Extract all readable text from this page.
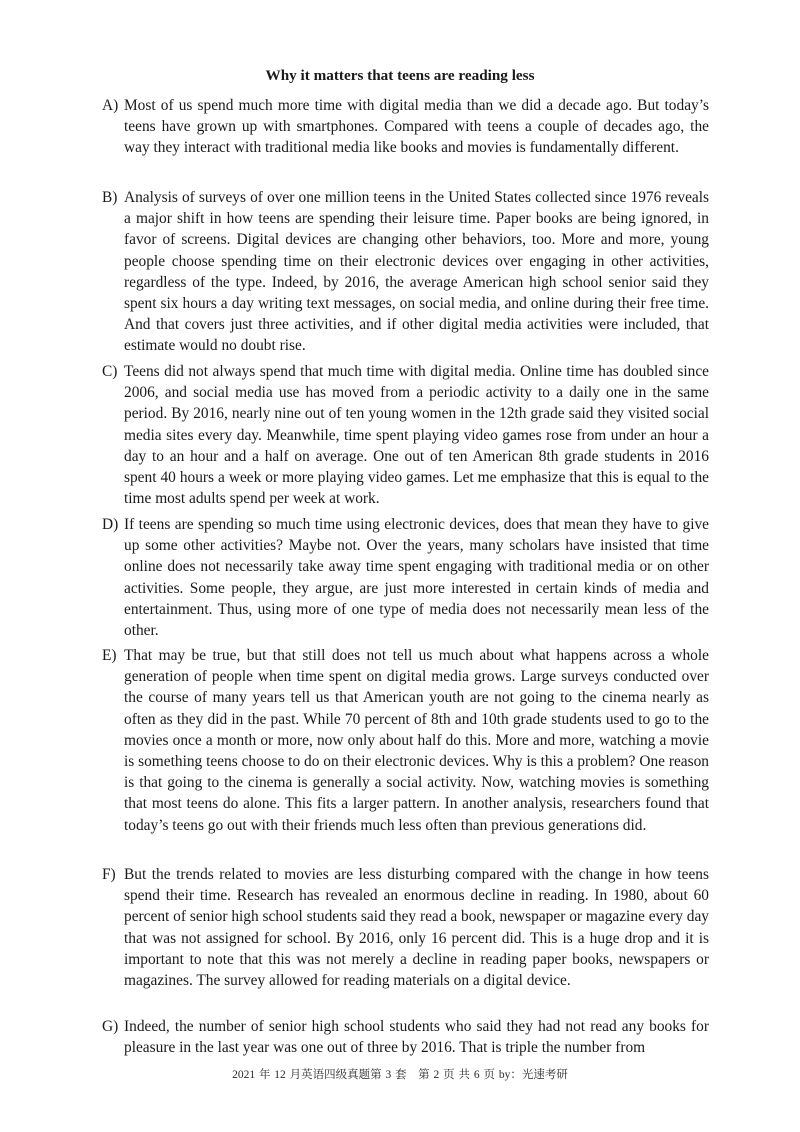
Why it matters that teens are reading less
A) Most of us spend much more time with digital media than we did a decade ago. But today’s teens have grown up with smartphones. Compared with teens a couple of decades ago, the way they interact with traditional media like books and movies is fundamentally different.
B) Analysis of surveys of over one million teens in the United States collected since 1976 reveals a major shift in how teens are spending their leisure time. Paper books are being ignored, in favor of screens. Digital devices are changing other behaviors, too. More and more, young people choose spending time on their electronic devices over engaging in other activities, regardless of the type. Indeed, by 2016, the average American high school senior said they spent six hours a day writing text messages, on social media, and online during their free time. And that covers just three activities, and if other digital media activities were included, that estimate would no doubt rise.
C) Teens did not always spend that much time with digital media. Online time has doubled since 2006, and social media use has moved from a periodic activity to a daily one in the same period. By 2016, nearly nine out of ten young women in the 12th grade said they visited social media sites every day. Meanwhile, time spent playing video games rose from under an hour a day to an hour and a half on average. One out of ten American 8th grade students in 2016 spent 40 hours a week or more playing video games. Let me emphasize that this is equal to the time most adults spend per week at work.
D) If teens are spending so much time using electronic devices, does that mean they have to give up some other activities? Maybe not. Over the years, many scholars have insisted that time online does not necessarily take away time spent engaging with traditional media or on other activities. Some people, they argue, are just more interested in certain kinds of media and entertainment. Thus, using more of one type of media does not necessarily mean less of the other.
E) That may be true, but that still does not tell us much about what happens across a whole generation of people when time spent on digital media grows. Large surveys conducted over the course of many years tell us that American youth are not going to the cinema nearly as often as they did in the past. While 70 percent of 8th and 10th grade students used to go to the movies once a month or more, now only about half do this. More and more, watching a movie is something teens choose to do on their electronic devices. Why is this a problem? One reason is that going to the cinema is generally a social activity. Now, watching movies is something that most teens do alone. This fits a larger pattern. In another analysis, researchers found that today’s teens go out with their friends much less often than previous generations did.
F) But the trends related to movies are less disturbing compared with the change in how teens spend their time. Research has revealed an enormous decline in reading. In 1980, about 60 percent of senior high school students said they read a book, newspaper or magazine every day that was not assigned for school. By 2016, only 16 percent did. This is a huge drop and it is important to note that this was not merely a decline in reading paper books, newspapers or magazines. The survey allowed for reading materials on a digital device.
G) Indeed, the number of senior high school students who said they had not read any books for pleasure in the last year was one out of three by 2016. That is triple the number from
2021 年 12 月英语四级真题第 3 套　第 2 页 共 6 页 by：光速考研
